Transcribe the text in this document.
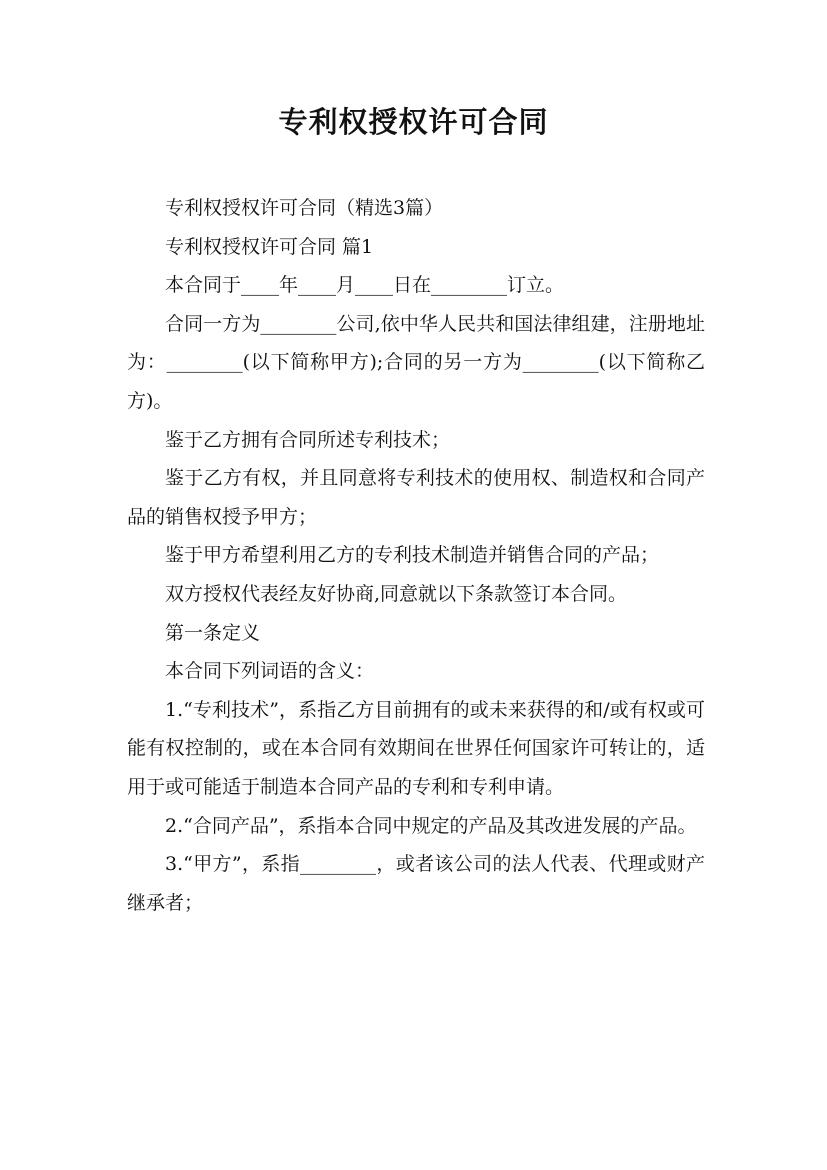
专利权授权许可合同

专利权授权许可合同（精选3篇）

专利权授权许可合同 篇1

本合同于____年____月____日在________订立。

合同一方为________公司,依中华人民共和国法律组建，注册地址为：________(以下简称甲方);合同的另一方为________(以下简称乙方)。

鉴于乙方拥有合同所述专利技术；

鉴于乙方有权，并且同意将专利技术的使用权、制造权和合同产品的销售权授予甲方；

鉴于甲方希望利用乙方的专利技术制造并销售合同的产品；

双方授权代表经友好协商,同意就以下条款签订本合同。

第一条定义

本合同下列词语的含义：

1.“专利技术”，系指乙方目前拥有的或未来获得的和/或有权或可能有权控制的，或在本合同有效期间在世界任何国家许可转让的，适用于或可能适于制造本合同产品的专利和专利申请。

2.“合同产品”，系指本合同中规定的产品及其改进发展的产品。

3.“甲方”，系指________，或者该公司的法人代表、代理或财产继承者；
